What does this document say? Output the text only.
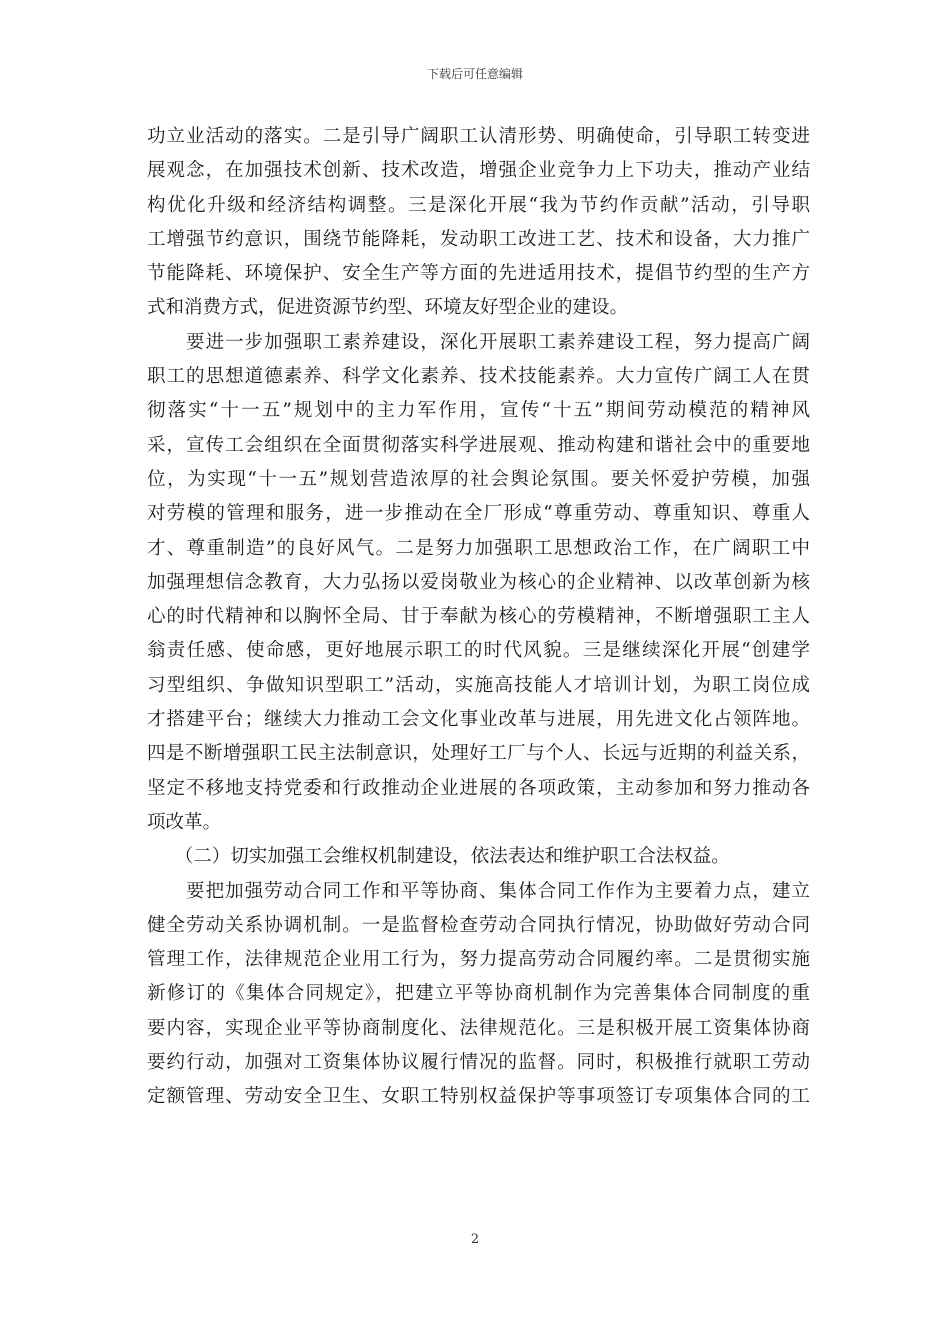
下载后可任意编辑
功立业活动的落实。二是引导广阔职工认清形势、明确使命，引导职工转变进
展观念，在加强技术创新、技术改造，增强企业竞争力上下功夫，推动产业结
构优化升级和经济结构调整。三是深化开展“我为节约作贡献”活动，引导职
工增强节约意识，围绕节能降耗，发动职工改进工艺、技术和设备，大力推广
节能降耗、环境保护、安全生产等方面的先进适用技术，提倡节约型的生产方
式和消费方式，促进资源节约型、环境友好型企业的建设。
　　要进一步加强职工素养建设，深化开展职工素养建设工程，努力提高广阔
职工的思想道德素养、科学文化素养、技术技能素养。大力宣传广阔工人在贯
彻落实“十一五”规划中的主力军作用，宣传“十五”期间劳动模范的精神风
采，宣传工会组织在全面贯彻落实科学进展观、推动构建和谐社会中的重要地
位，为实现“十一五”规划营造浓厚的社会舆论氛围。要关怀爱护劳模，加强
对劳模的管理和服务，进一步推动在全厂形成“尊重劳动、尊重知识、尊重人
才、尊重制造”的良好风气。二是努力加强职工思想政治工作，在广阔职工中
加强理想信念教育，大力弘扬以爱岗敬业为核心的企业精神、以改革创新为核
心的时代精神和以胸怀全局、甘于奉献为核心的劳模精神，不断增强职工主人
翁责任感、使命感，更好地展示职工的时代风貌。三是继续深化开展“创建学
习型组织、争做知识型职工”活动，实施高技能人才培训计划，为职工岗位成
才搭建平台；继续大力推动工会文化事业改革与进展，用先进文化占领阵地。
四是不断增强职工民主法制意识，处理好工厂与个人、长远与近期的利益关系，
坚定不移地支持党委和行政推动企业进展的各项政策，主动参加和努力推动各
项改革。
　　（二）切实加强工会维权机制建设，依法表达和维护职工合法权益。
　　要把加强劳动合同工作和平等协商、集体合同工作作为主要着力点，建立
健全劳动关系协调机制。一是监督检查劳动合同执行情况，协助做好劳动合同
管理工作，法律规范企业用工行为，努力提高劳动合同履约率。二是贯彻实施
新修订的《集体合同规定》，把建立平等协商机制作为完善集体合同制度的重
要内容，实现企业平等协商制度化、法律规范化。三是积极开展工资集体协商
要约行动，加强对工资集体协议履行情况的监督。同时，积极推行就职工劳动
定额管理、劳动安全卫生、女职工特别权益保护等事项签订专项集体合同的工
2
